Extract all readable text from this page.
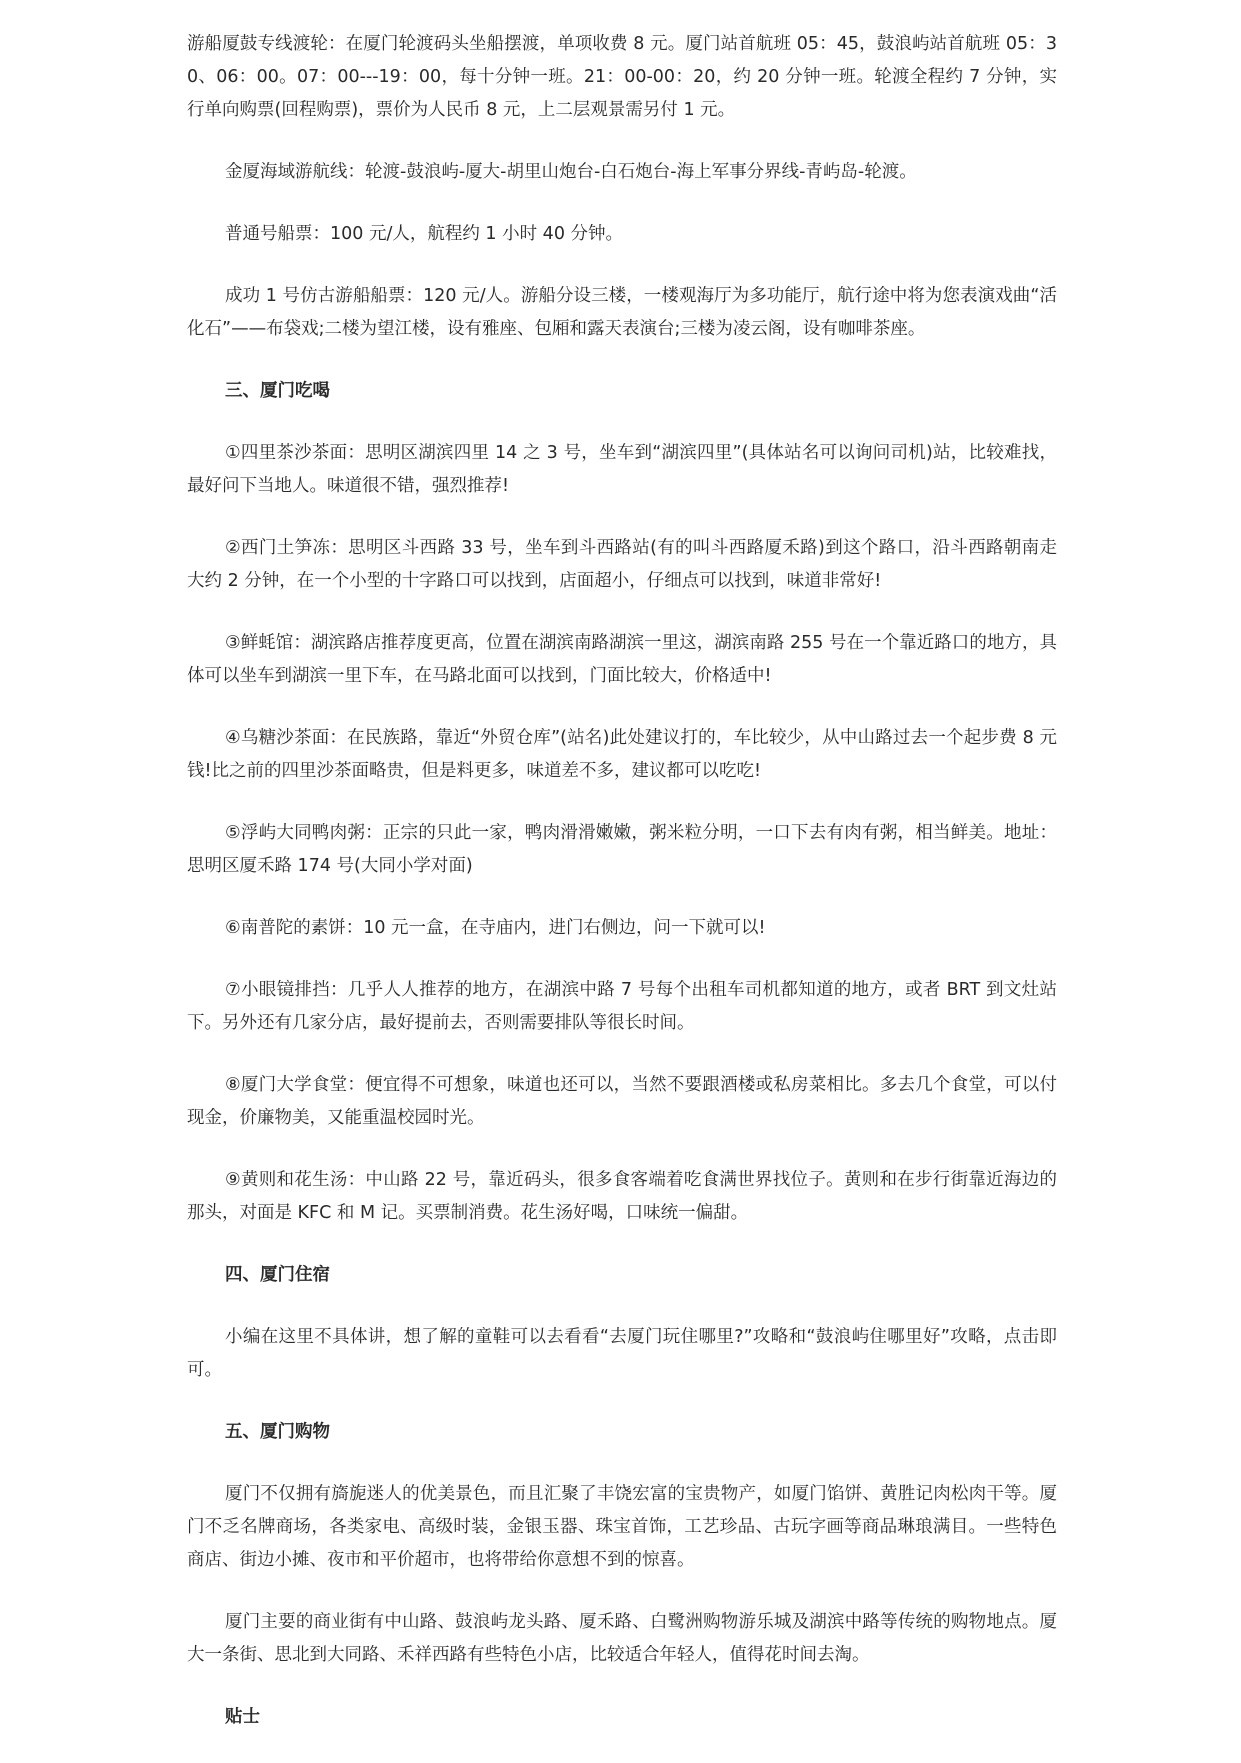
游船厦鼓专线渡轮：在厦门轮渡码头坐船摆渡，单项收费 8 元。厦门站首航班 05：45，鼓浪屿站首航班 05：30、06：00。07：00---19：00，每十分钟一班。21：00-00：20，约 20 分钟一班。轮渡全程约 7 分钟，实行单向购票(回程购票)，票价为人民币 8 元，上二层观景需另付 1 元。

金厦海域游航线：轮渡-鼓浪屿-厦大-胡里山炮台-白石炮台-海上军事分界线-青屿岛-轮渡。

普通号船票：100 元/人，航程约 1 小时 40 分钟。

成功 1 号仿古游船船票：120 元/人。游船分设三楼，一楼观海厅为多功能厅，航行途中将为您表演戏曲“活化石”——布袋戏;二楼为望江楼，设有雅座、包厢和露天表演台;三楼为凌云阁，设有咖啡茶座。

三、厦门吃喝

①四里茶沙茶面：思明区湖滨四里 14 之 3 号，坐车到“湖滨四里”(具体站名可以询问司机)站，比较难找，最好问下当地人。味道很不错，强烈推荐!

②西门土笋冻：思明区斗西路 33 号，坐车到斗西路站(有的叫斗西路厦禾路)到这个路口，沿斗西路朝南走大约 2 分钟，在一个小型的十字路口可以找到，店面超小，仔细点可以找到，味道非常好!

③鲜蚝馆：湖滨路店推荐度更高，位置在湖滨南路湖滨一里这，湖滨南路 255 号在一个靠近路口的地方，具体可以坐车到湖滨一里下车，在马路北面可以找到，门面比较大，价格适中!

④乌糖沙茶面：在民族路，靠近“外贸仓库”(站名)此处建议打的，车比较少，从中山路过去一个起步费 8 元钱!比之前的四里沙茶面略贵，但是料更多，味道差不多，建议都可以吃吃!

⑤浮屿大同鸭肉粥：正宗的只此一家，鸭肉滑滑嫩嫩，粥米粒分明，一口下去有肉有粥，相当鲜美。地址：思明区厦禾路 174 号(大同小学对面)

⑥南普陀的素饼：10 元一盒，在寺庙内，进门右侧边，问一下就可以!

⑦小眼镜排挡：几乎人人推荐的地方，在湖滨中路 7 号每个出租车司机都知道的地方，或者 BRT 到文灶站下。另外还有几家分店，最好提前去，否则需要排队等很长时间。

⑧厦门大学食堂：便宜得不可想象，味道也还可以，当然不要跟酒楼或私房菜相比。多去几个食堂，可以付现金，价廉物美，又能重温校园时光。

⑨黄则和花生汤：中山路 22 号，靠近码头，很多食客端着吃食满世界找位子。黄则和在步行街靠近海边的那头，对面是 KFC 和 M 记。买票制消费。花生汤好喝，口味统一偏甜。

四、厦门住宿

小编在这里不具体讲，想了解的童鞋可以去看看“去厦门玩住哪里?”攻略和“鼓浪屿住哪里好”攻略，点击即可。

五、厦门购物

厦门不仅拥有旖旎迷人的优美景色，而且汇聚了丰饶宏富的宝贵物产，如厦门馅饼、黄胜记肉松肉干等。厦门不乏名牌商场，各类家电、高级时装，金银玉器、珠宝首饰，工艺珍品、古玩字画等商品琳琅满目。一些特色商店、街边小摊、夜市和平价超市，也将带给你意想不到的惊喜。

厦门主要的商业街有中山路、鼓浪屿龙头路、厦禾路、白鹭洲购物游乐城及湖滨中路等传统的购物地点。厦大一条街、思北到大同路、禾祥西路有些特色小店，比较适合年轻人，值得花时间去淘。

贴士
